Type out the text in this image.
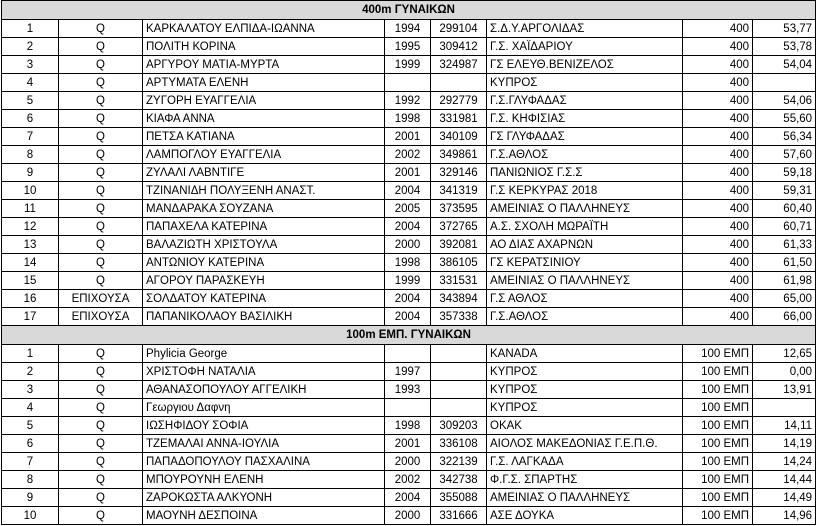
400m ΓΥΝΑΙΚΩΝ							
1	Q	ΚΑΡΚΑΛΑΤΟΥ ΕΛΠΙΔΑ-ΙΩΑΝΝΑ	1994	299104	Σ.Δ.Υ.ΑΡΓΟΛΙΔΑΣ	400	53,77
2	Q	ΠΟΛΙΤΗ ΚΟΡΙΝΑ	1995	309412	Γ.Σ. ΧΑΪΔΑΡΙΟΥ	400	53,78
3	Q	ΑΡΓΥΡΟΥ ΜΑΤΙΑ-ΜΥΡΤΑ	1999	324987	ΓΣ ΕΛΕΥΘ.ΒΕΝΙΖΕΛΟΣ	400	54,04
4	Q	ΑΡΤΥΜΑΤΑ ΕΛΕΝΗ			ΚΥΠΡΟΣ	400	
5	Q	ΖΥΓΟΡΗ ΕΥΑΓΓΕΛΙΑ	1992	292779	Γ.Σ.ΓΛΥΦΑΔΑΣ	400	54,06
6	Q	ΚΙΑΦΑ ΑΝΝΑ	1998	331981	Γ.Σ. ΚΗΦΙΣΙΑΣ	400	55,60
7	Q	ΠΕΤΣΑ ΚΑΤΙΑΝΑ	2001	340109	ΓΣ ΓΛΥΦΑΔΑΣ	400	56,34
8	Q	ΛΑΜΠΟΓΛΟΥ ΕΥΑΓΓΕΛΙΑ	2002	349861	Γ.Σ.ΑΘΛΟΣ	400	57,60
9	Q	ΖΥΛΑΛΙ ΛΑΒΝΤΙΓΕ	2001	329146	ΠΑΝΙΩΝΙΟΣ Γ.Σ.Σ	400	59,18
10	Q	ΤΖΙΝΑΝΙΔΗ ΠΟΛΥΞΕΝΗ ΑΝΑΣΤ.	2004	341319	Γ.Σ ΚΕΡΚΥΡΑΣ 2018	400	59,31
11	Q	ΜΑΝΔΑΡΑΚΑ ΣΟΥΖΑΝΑ	2005	373595	ΑΜΕΙΝΙΑΣ Ο ΠΑΛΛΗΝΕΥΣ	400	60,40
12	Q	ΠΑΠΑΧΕΛΑ ΚΑΤΕΡΙΝΑ	2004	372765	Α.Σ. ΣΧΟΛΗ ΜΩΡΑΪΤΗ	400	60,71
13	Q	ΒΑΛΑΖΙΩΤΗ ΧΡΙΣΤΟΥΛΑ	2000	392081	ΑΟ ΔΙΑΣ ΑΧΑΡΝΩΝ	400	61,33
14	Q	ΑΝΤΩΝΙΟΥ ΚΑΤΕΡΙΝΑ	1998	386105	ΓΣ ΚΕΡΑΤΣΙΝΙΟΥ	400	61,50
15	Q	ΑΓΟΡΟΥ ΠΑΡΑΣΚΕΥΗ	1999	331531	ΑΜΕΙΝΙΑΣ Ο ΠΑΛΛΗΝΕΥΣ	400	61,98
16	ΕΠΙΧΟΥΣΑ	ΣΟΛΔΑΤΟΥ ΚΑΤΕΡΙΝΑ	2004	343894	Γ.Σ ΑΘΛΟΣ	400	65,00
17	ΕΠΙΧΟΥΣΑ	ΠΑΠΑΝΙΚΟΛΑΟΥ ΒΑΣΙΛΙΚΗ	2004	357338	Γ.Σ.ΑΘΛΟΣ	400	66,00
100m ΕΜΠ. ΓΥΝΑΙΚΩΝ							
1	Q	Phylicia George			KANADA	100 ΕΜΠ	12,65
2	Q	ΧΡΙΣΤΟΦΗ ΝΑΤΑΛΙΑ	1997		ΚΥΠΡΟΣ	100 ΕΜΠ	0,00
3	Q	ΑΘΑΝΑΣΟΠΟΥΛΟΥ ΑΓΓΕΛΙΚΗ	1993		ΚΥΠΡΟΣ	100 ΕΜΠ	13,91
4	Q	Γεωργιου Δαφνη			ΚΥΠΡΟΣ	100 ΕΜΠ	
5	Q	ΙΩΣΗΦΙΔΟΥ ΣΟΦΙΑ	1998	309203	ΟΚΑΚ	100 ΕΜΠ	14,11
6	Q	ΤΖΕΜΑΛΑΙ ΑΝΝΑ-ΙΟΥΛΙΑ	2001	336108	ΑΙΟΛΟΣ ΜΑΚΕΔΟΝΙΑΣ Γ.Ε.Π.Θ.	100 ΕΜΠ	14,19
7	Q	ΠΑΠΑΔΟΠΟΥΛΟΥ ΠΑΣΧΑΛΙΝΑ	2000	322139	Γ.Σ. ΛΑΓΚΑΔΑ	100 ΕΜΠ	14,24
8	Q	ΜΠΟΥΡΟΥΝΗ ΕΛΕΝΗ	2002	342738	Φ.Γ.Σ. ΣΠΑΡΤΗΣ	100 ΕΜΠ	14,44
9	Q	ΖΑΡΟΚΩΣΤΑ ΑΛΚΥΟΝΗ	2004	355088	ΑΜΕΙΝΙΑΣ Ο ΠΑΛΛΗΝΕΥΣ	100 ΕΜΠ	14,49
10	Q	ΜΑΟΥΝΗ ΔΕΣΠΟΙΝΑ	2000	331666	ΑΣΕ ΔΟΥΚΑ	100 ΕΜΠ	14,96
